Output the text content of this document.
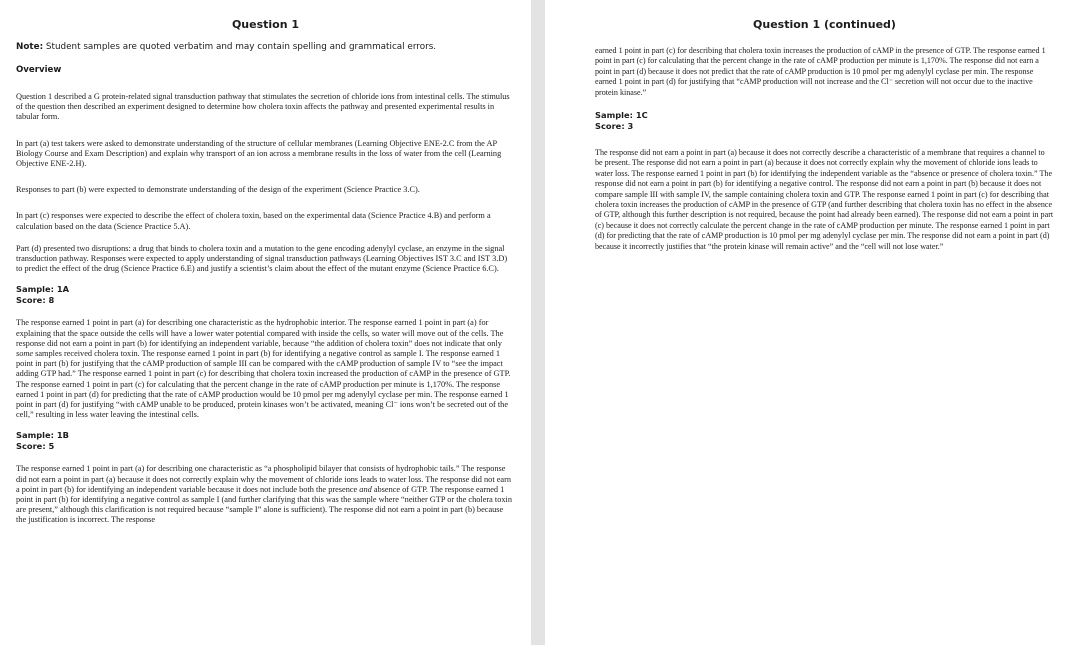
Question 1

Note: Student samples are quoted verbatim and may contain spelling and grammatical errors.

Overview

Question 1 described a G protein-related signal transduction pathway that stimulates the secretion of chloride ions from intestinal cells. The stimulus of the question then described an experiment designed to determine how cholera toxin affects the pathway and presented experimental results in tabular form.

In part (a) test takers were asked to demonstrate understanding of the structure of cellular membranes (Learning Objective ENE-2.C from the AP Biology Course and Exam Description) and explain why transport of an ion across a membrane results in the loss of water from the cell (Learning Objective ENE-2.H).

Responses to part (b) were expected to demonstrate understanding of the design of the experiment (Science Practice 3.C).

In part (c) responses were expected to describe the effect of cholera toxin, based on the experimental data (Science Practice 4.B) and perform a calculation based on the data (Science Practice 5.A).

Part (d) presented two disruptions: a drug that binds to cholera toxin and a mutation to the gene encoding adenylyl cyclase, an enzyme in the signal transduction pathway. Responses were expected to apply understanding of signal transduction pathways (Learning Objectives IST 3.C and IST 3.D) to predict the effect of the drug (Science Practice 6.E) and justify a scientist’s claim about the effect of the mutant enzyme (Science Practice 6.C).

Sample: 1A
Score: 8

The response earned 1 point in part (a) for describing one characteristic as the hydrophobic interior. The response earned 1 point in part (a) for explaining that the space outside the cells will have a lower water potential compared with inside the cells, so water will move out of the cells. The response did not earn a point in part (b) for identifying an independent variable, because “the addition of cholera toxin” does not indicate that only some samples received cholera toxin. The response earned 1 point in part (b) for identifying a negative control as sample I. The response earned 1 point in part (b) for justifying that the cAMP production of sample III can be compared with the cAMP production of sample IV to “see the impact adding GTP had.” The response earned 1 point in part (c) for describing that cholera toxin increased the production of cAMP in the presence of GTP. The response earned 1 point in part (c) for calculating that the percent change in the rate of cAMP production per minute is 1,170%. The response earned 1 point in part (d) for predicting that the rate of cAMP production would be 10 pmol per mg adenylyl cyclase per min. The response earned 1 point in part (d) for justifying “with cAMP unable to be produced, protein kinases won’t be activated, meaning Cl⁻ ions won’t be secreted out of the cell,” resulting in less water leaving the intestinal cells.

Sample: 1B
Score: 5

The response earned 1 point in part (a) for describing one characteristic as “a phospholipid bilayer that consists of hydrophobic tails.” The response did not earn a point in part (a) because it does not correctly explain why the movement of chloride ions leads to water loss. The response did not earn a point in part (b) for identifying an independent variable because it does not include both the presence and absence of GTP. The response earned 1 point in part (b) for identifying a negative control as sample I (and further clarifying that this was the sample where “neither GTP or the cholera toxin are present,” although this clarification is not required because “sample I” alone is sufficient). The response did not earn a point in part (b) because the justification is incorrect. The response

Question 1 (continued)

earned 1 point in part (c) for describing that cholera toxin increases the production of cAMP in the presence of GTP. The response earned 1 point in part (c) for calculating that the percent change in the rate of cAMP production per minute is 1,170%. The response did not earn a point in part (d) because it does not predict that the rate of cAMP production is 10 pmol per mg adenylyl cyclase per min. The response earned 1 point in part (d) for justifying that “cAMP production will not increase and the Cl⁻ secretion will not occur due to the inactive protein kinase.”

Sample: 1C
Score: 3

The response did not earn a point in part (a) because it does not correctly describe a characteristic of a membrane that requires a channel to be present. The response did not earn a point in part (a) because it does not correctly explain why the movement of chloride ions leads to water loss. The response earned 1 point in part (b) for identifying the independent variable as the “absence or presence of cholera toxin.” The response did not earn a point in part (b) for identifying a negative control. The response did not earn a point in part (b) because it does not compare sample III with sample IV, the sample containing cholera toxin and GTP. The response earned 1 point in part (c) for describing that cholera toxin increases the production of cAMP in the presence of GTP (and further describing that cholera toxin has no effect in the absence of GTP, although this further description is not required, because the point had already been earned). The response did not earn a point in part (c) because it does not correctly calculate the percent change in the rate of cAMP production per minute. The response earned 1 point in part (d) for predicting that the rate of cAMP production is 10 pmol per mg adenylyl cyclase per min. The response did not earn a point in part (d) because it incorrectly justifies that “the protein kinase will remain active” and the “cell will not lose water.”
